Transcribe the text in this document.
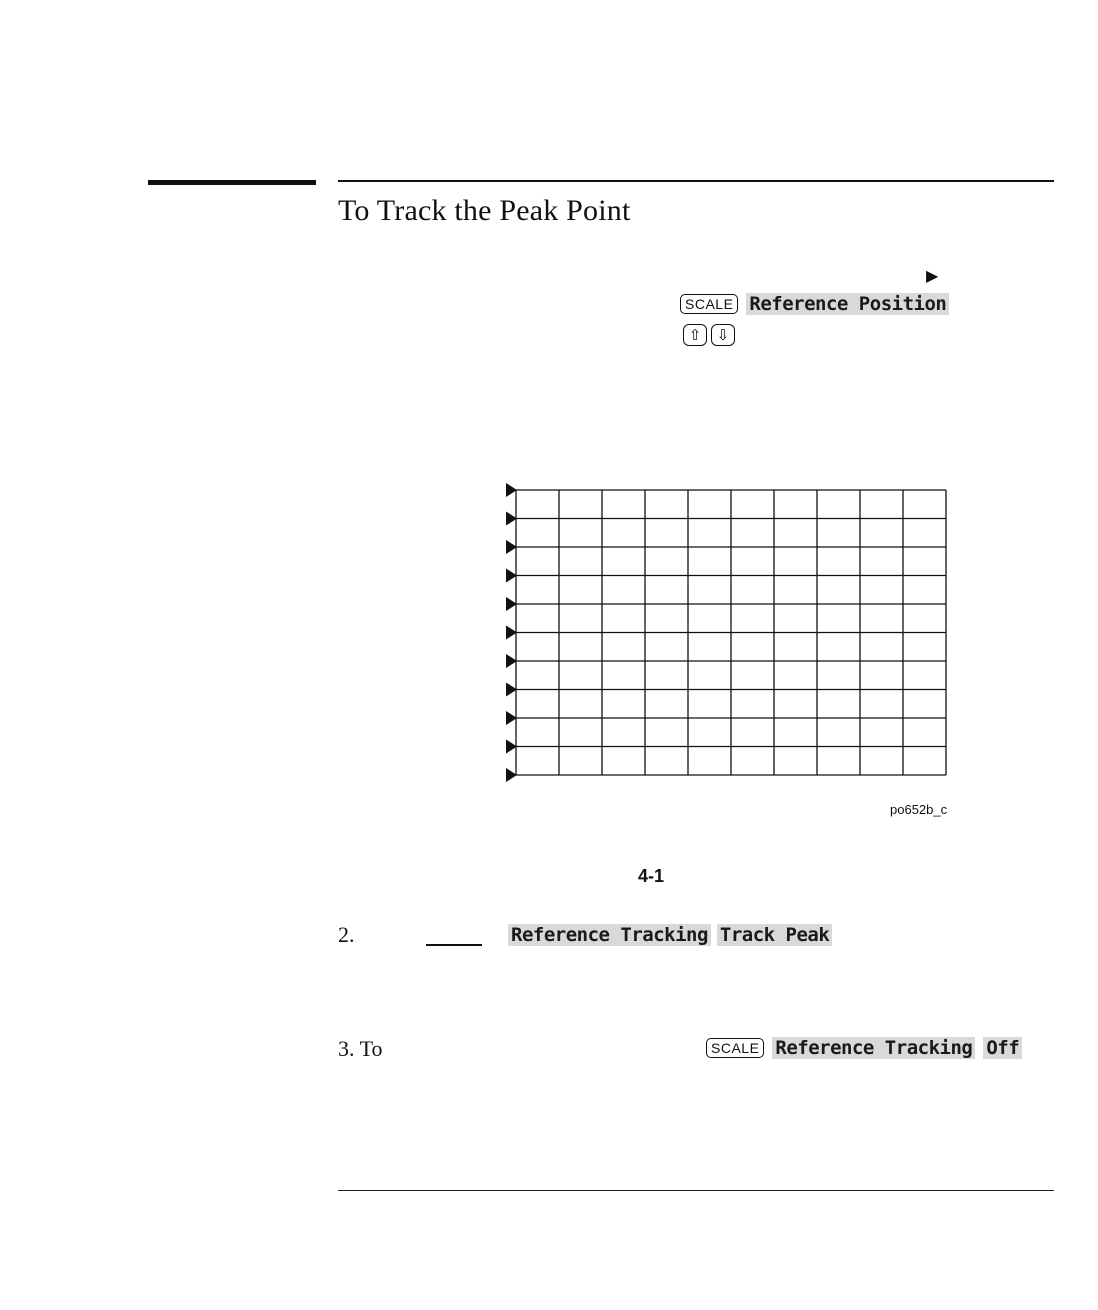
To Track the Peak Point
▶
SCALE Reference Position
⇧	⇩
po652b_c
4-1
2.	Reference Tracking Track Peak
3. To	SCALE Reference Tracking Off
